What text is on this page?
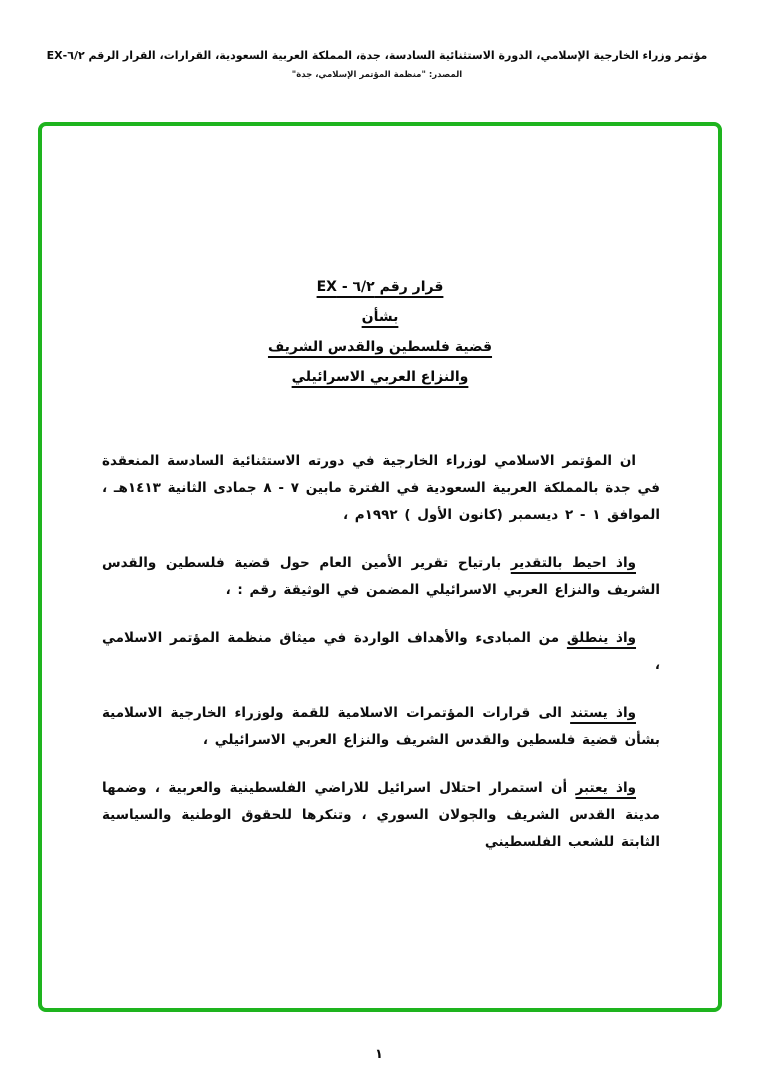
مؤتمر وزراء الخارجية الإسلامي، الدورة الاستثنائية السادسة، جدة، المملكة العربية السعودية، القرارات، القرار الرقم ٦/٢-EX
المصدر: "منظمة المؤتمر الإسلامي، جدة"
قرار رقم ٦/٢ - EX
بشأن
قضية فلسطين والقدس الشريف
والنزاع العربي الاسرائيلي

ان المؤتمر الاسلامي لوزراء الخارجية في دورته الاستثنائية السادسة المنعقدة في جدة بالمملكة العربية السعودية في الفترة مابين ٧ - ٨ جمادى الثانية ١٤١٣هـ ، الموافق ١ - ٢ ديسمبر (كانون الأول ) ١٩٩٢م ،

واذ احيط بالتقدير بارتياح تقرير الأمين العام حول قضية فلسطين والقدس الشريف والنزاع العربي الاسرائيلي المضمن في الوثيقة رقم : ،

واذ ينطلق من المبادىء والأهداف الواردة في ميثاق منظمة المؤتمر الاسلامي ،

واذ يستند الى قرارات المؤتمرات الاسلامية للقمة ولوزراء الخارجية الاسلامية بشأن قضية فلسطين والقدس الشريف والنزاع العربي الاسرائيلي ،

واذ يعتبر أن استمرار احتلال اسرائيل للاراضي الفلسطينية والعربية ، وضمها مدينة القدس الشريف والجولان السوري ، وتنكرها للحقوق الوطنية والسياسية الثابتة للشعب الفلسطيني

١
